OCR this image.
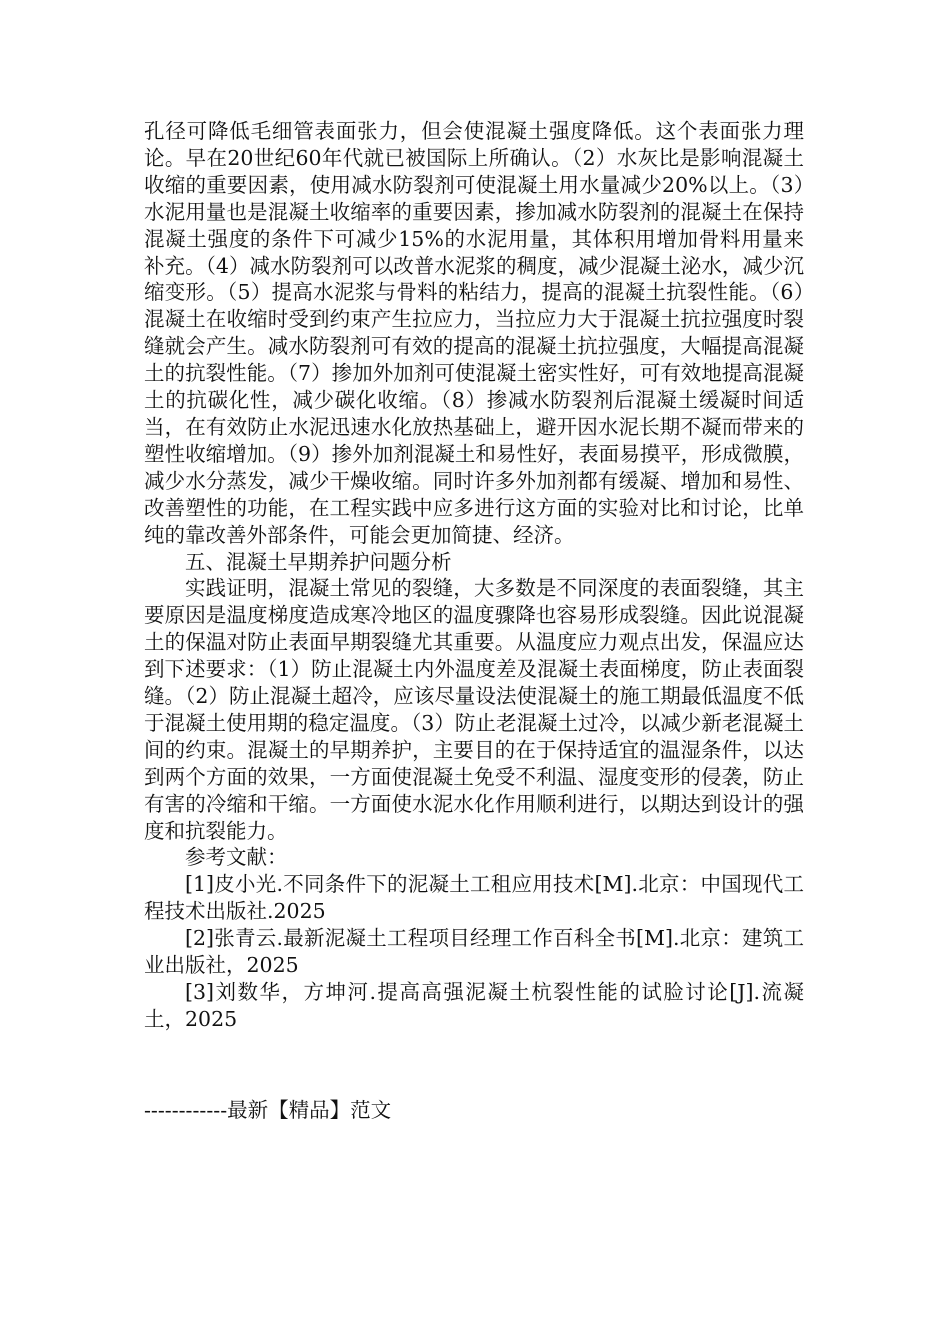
孔径可降低毛细管表面张力，但会使混凝土强度降低。这个表面张力理论。早在20世纪60年代就已被国际上所确认。（2）水灰比是影响混凝土收缩的重要因素，使用减水防裂剂可使混凝土用水量减少20%以上。（3）水泥用量也是混凝土收缩率的重要因素，掺加减水防裂剂的混凝土在保持混凝土强度的条件下可减少15%的水泥用量，其体积用增加骨料用量来补充。（4）减水防裂剂可以改普水泥浆的稠度，减少混凝土泌水，减少沉缩变形。（5）提高水泥浆与骨料的粘结力，提高的混凝土抗裂性能。（6）混凝土在收缩时受到约束产生拉应力，当拉应力大于混凝土抗拉强度时裂缝就会产生。减水防裂剂可有效的提高的混凝土抗拉强度，大幅提高混凝土的抗裂性能。（7）掺加外加剂可使混凝土密实性好，可有效地提高混凝土的抗碳化性，减少碳化收缩。（8）掺减水防裂剂后混凝土缓凝时间适当，在有效防止水泥迅速水化放热基础上，避开因水泥长期不凝而带来的塑性收缩增加。（9）掺外加剂混凝土和易性好，表面易摸平，形成微膜，减少水分蒸发，减少干燥收缩。同时许多外加剂都有缓凝、增加和易性、改善塑性的功能，在工程实践中应多进行这方面的实验对比和讨论，比单纯的靠改善外部条件，可能会更加简捷、经济。

五、混凝土早期养护问题分析

实践证明，混凝土常见的裂缝，大多数是不同深度的表面裂缝，其主要原因是温度梯度造成寒冷地区的温度骤降也容易形成裂缝。因此说混凝土的保温对防止表面早期裂缝尤其重要。从温度应力观点出发，保温应达到下述要求：（1）防止混凝土内外温度差及混凝土表面梯度，防止表面裂缝。（2）防止混凝土超冷，应该尽量设法使混凝土的施工期最低温度不低于混凝土使用期的稳定温度。（3）防止老混凝土过冷，以减少新老混凝土间的约束。混凝土的早期养护，主要目的在于保持适宜的温湿条件，以达到两个方面的效果，一方面使混凝土免受不利温、湿度变形的侵袭，防止有害的冷缩和干缩。一方面使水泥水化作用顺利进行，以期达到设计的强度和抗裂能力。

参考文献：

[1]皮小光.不同条件下的泥凝土工租应用技术[M].北京：中国现代工程技术出版社.2025

[2]张青云.最新泥凝土工程项目经理工作百科全书[M].北京：建筑工业出版社，2025

[3]刘数华，方坤河.提高高强泥凝土杭裂性能的试脸讨论[J].流凝土，2025

------------最新【精品】范文
